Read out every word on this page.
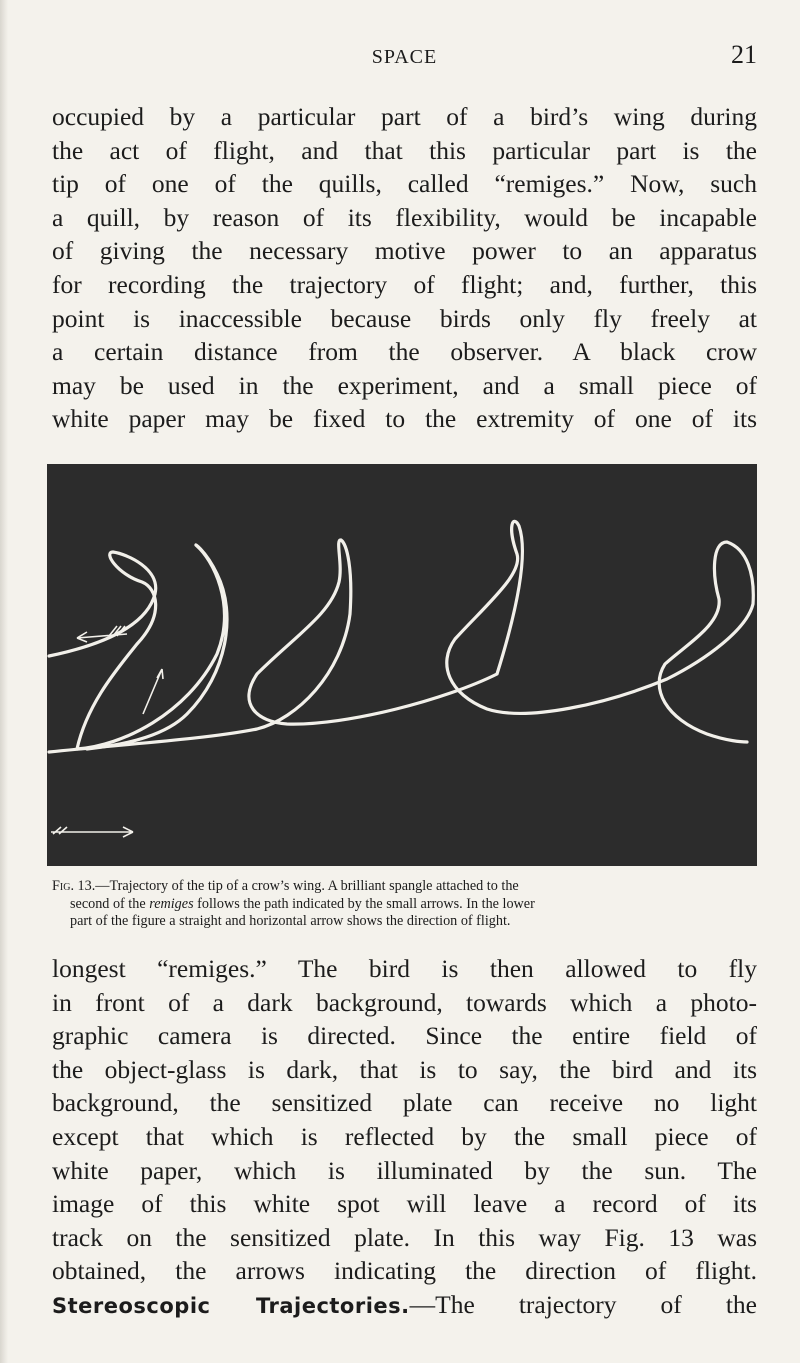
SPACE	21
occupied by a particular part of a bird’s wing during
the act of flight, and that this particular part is the
tip of one of the quills, called “remiges.” Now, such
a quill, by reason of its flexibility, would be incapable
of giving the necessary motive power to an apparatus
for recording the trajectory of flight; and, further, this
point is inaccessible because birds only fly freely at
a certain distance from the observer. A black crow
may be used in the experiment, and a small piece of
white paper may be fixed to the extremity of one of its
Fig. 13.—Trajectory of the tip of a crow’s wing. A brilliant spangle attached to the
second of the remiges follows the path indicated by the small arrows. In the lower
part of the figure a straight and horizontal arrow shows the direction of flight.
longest “remiges.” The bird is then allowed to fly
in front of a dark background, towards which a photo-
graphic camera is directed. Since the entire field of
the object-glass is dark, that is to say, the bird and its
background, the sensitized plate can receive no light
except that which is reflected by the small piece of
white paper, which is illuminated by the sun. The
image of this white spot will leave a record of its
track on the sensitized plate. In this way Fig. 13 was
obtained, the arrows indicating the direction of flight.
Stereoscopic Trajectories.—The trajectory of the
